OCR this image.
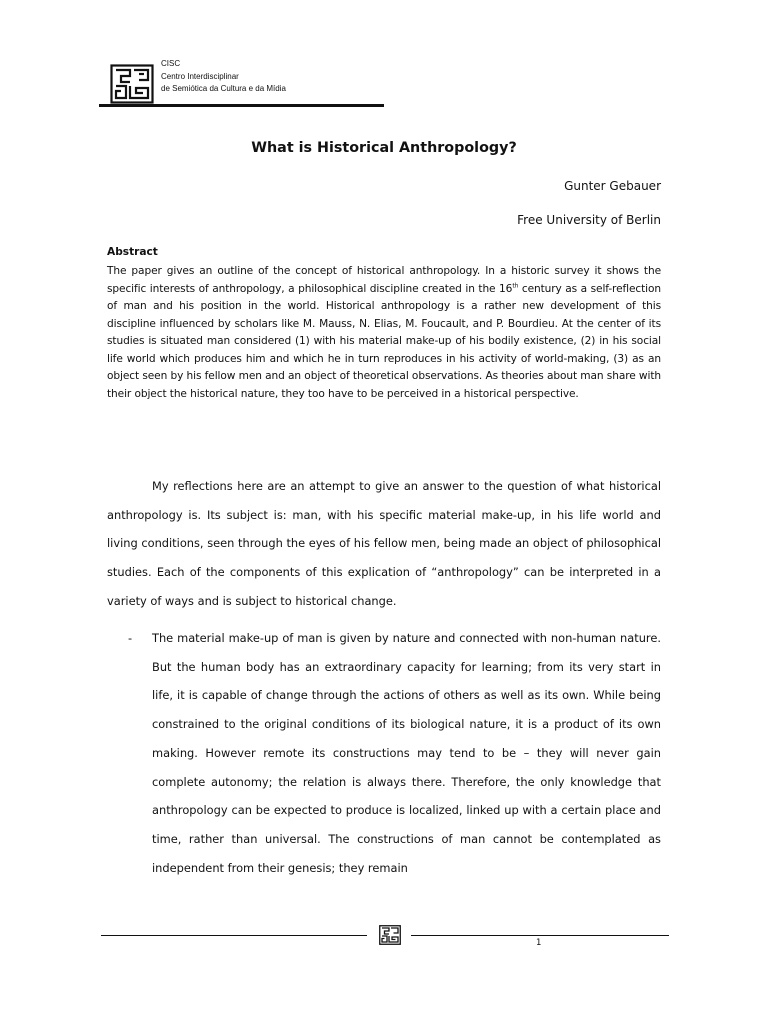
CISC
Centro Interdisciplinar
de Semiótica da Cultura e da Mídia
What is Historical Anthropology?
Gunter Gebauer
Free University of Berlin
Abstract
The paper gives an outline of the concept of historical anthropology. In a historic survey it shows the specific interests of anthropology, a philosophical discipline created in the 16th century as a self-reflection of man and his position in the world. Historical anthropology is a rather new development of this discipline influenced by scholars like M. Mauss, N. Elias, M. Foucault, and P. Bourdieu. At the center of its studies is situated man considered (1) with his material make-up of his bodily existence, (2) in his social life world which produces him and which he in turn reproduces in his activity of world-making, (3) as an object seen by his fellow men and an object of theoretical observations. As theories about man share with their object the historical nature, they too have to be perceived in a historical perspective.
My reflections here are an attempt to give an answer to the question of what historical anthropology is. Its subject is: man, with his specific material make-up, in his life world and living conditions, seen through the eyes of his fellow men, being made an object of philosophical studies. Each of the components of this explication of “anthropology” can be interpreted in a variety of ways and is subject to historical change.
- The material make-up of man is given by nature and connected with non-human nature. But the human body has an extraordinary capacity for learning; from its very start in life, it is capable of change through the actions of others as well as its own. While being constrained to the original conditions of its biological nature, it is a product of its own making. However remote its constructions may tend to be – they will never gain complete autonomy; the relation is always there. Therefore, the only knowledge that anthropology can be expected to produce is localized, linked up with a certain place and time, rather than universal. The constructions of man cannot be contemplated as independent from their genesis; they remain
1
